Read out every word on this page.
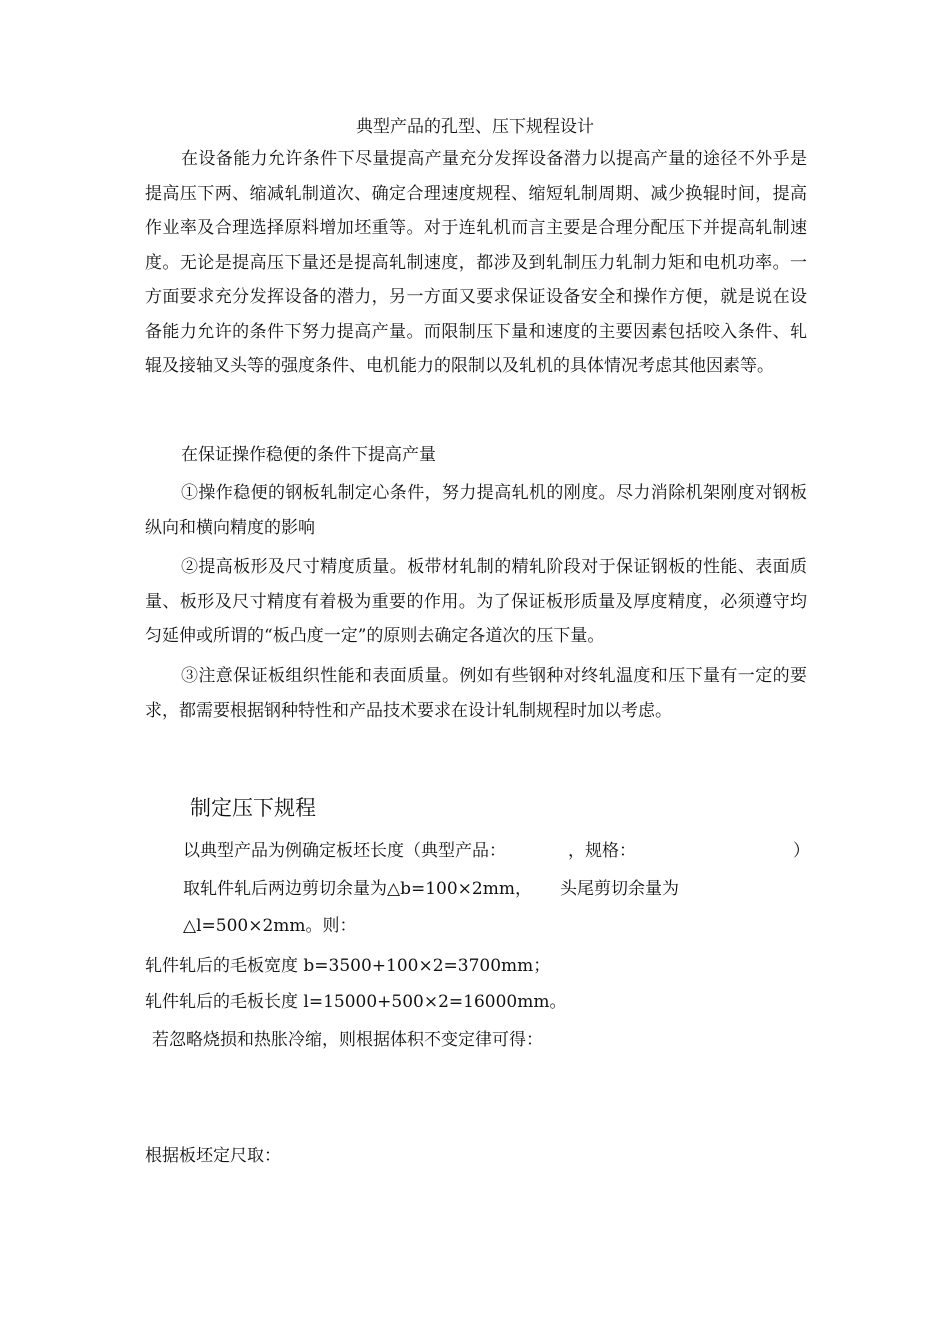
典型产品的孔型、压下规程设计

在设备能力允许条件下尽量提高产量充分发挥设备潜力以提高产量的途径不外乎是提高压下两、缩减轧制道次、确定合理速度规程、缩短轧制周期、减少换辊时间，提高作业率及合理选择原料增加坯重等。对于连轧机而言主要是合理分配压下并提高轧制速度。无论是提高压下量还是提高轧制速度，都涉及到轧制压力轧制力矩和电机功率。一方面要求充分发挥设备的潜力，另一方面又要求保证设备安全和操作方便，就是说在设备能力允许的条件下努力提高产量。而限制压下量和速度的主要因素包括咬入条件、轧辊及接轴叉头等的强度条件、电机能力的限制以及轧机的具体情况考虑其他因素等。

在保证操作稳便的条件下提高产量

①操作稳便的钢板轧制定心条件，努力提高轧机的刚度。尽力消除机架刚度对钢板纵向和横向精度的影响

②提高板形及尺寸精度质量。板带材轧制的精轧阶段对于保证钢板的性能、表面质量、板形及尺寸精度有着极为重要的作用。为了保证板形质量及厚度精度，必须遵守均匀延伸或所谓的“板凸度一定”的原则去确定各道次的压下量。

③注意保证板组织性能和表面质量。例如有些钢种对终轧温度和压下量有一定的要求，都需要根据钢种特性和产品技术要求在设计轧制规程时加以考虑。

制定压下规程
以典型产品为例确定板坯长度（典型产品：	，规格：	）
取轧件轧后两边剪切余量为△b=100×2mm， 头尾剪切余量为
△l=500×2mm。则：
轧件轧后的毛板宽度 b=3500+100×2=3700mm；
轧件轧后的毛板长度 l=15000+500×2=16000mm。
若忽略烧损和热胀冷缩，则根据体积不变定律可得：
根据板坯定尺取：
